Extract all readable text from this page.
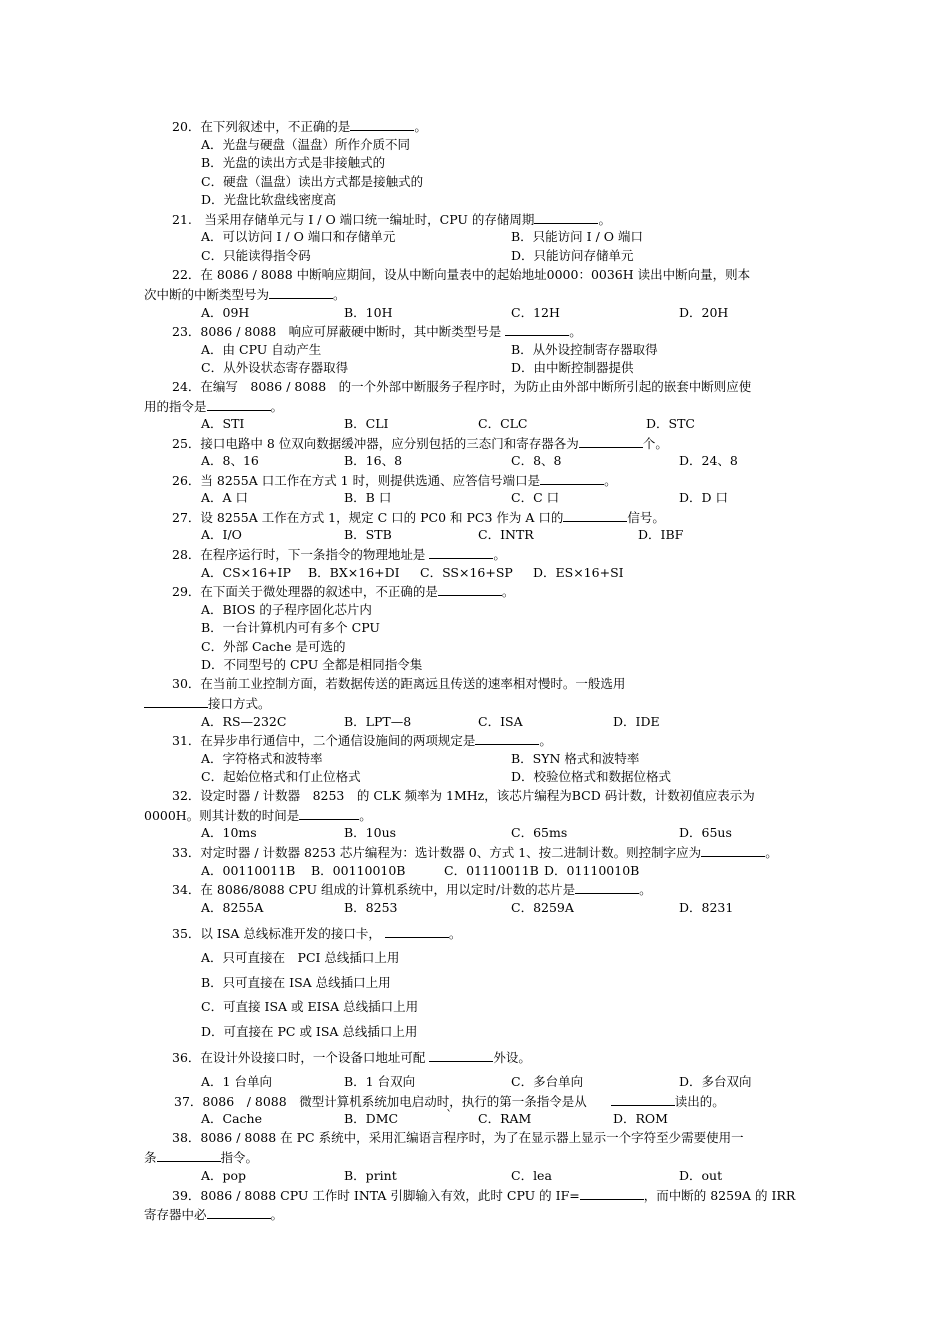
20．在下列叙述中，不正确的是	。
A．光盘与硬盘（温盘）所作介质不同
B．光盘的读出方式是非接触式的
C．硬盘（温盘）读出方式都是接触式的
D．光盘比软盘线密度高
21.　当采用存储单元与 I / O 端口统一编址时，CPU 的存储周期	。
A．可以访问 I / O 端口和存储单元	B．只能访问 I / O 端口
C．只能读得指令码	D．只能访问存储单元
22．在 8086 / 8088 中断响应期间，设从中断向量表中的起始地址0000：0036H 读出中断向量，则本
次中断的中断类型号为	。
A．09H	B．10H	C．12H	D．20H
23．8086 / 8088　响应可屏蔽硬中断时，其中断类型号是	。
A．由 CPU 自动产生	B．从外设控制寄存器取得
C．从外设状态寄存器取得	D．由中断控制器提供
24．在编写　8086 / 8088　的一个外部中断服务子程序时，为防止由外部中断所引起的嵌套中断则应使
用的指令是	。
A．STI	B．CLI	C．CLC	D．STC
25．接口电路中 8 位双向数据缓冲器，应分别包括的三态门和寄存器各为	个。
A．8、16	B．16、8	C．8、8	D．24、8
26．当 8255A 口工作在方式 1 时，则提供选通、应答信号端口是	。
A．A 口	B．B 口	C．C 口	D．D 口
27．设 8255A 工作在方式 1，规定 C 口的 PC0 和 PC3 作为 A 口的	信号。
A．I/O	B．STB	C．INTR	D．IBF
28．在程序运行时，下一条指令的物理地址是	。
A．CS×16+IP B．BX×16+DI C．SS×16+SP D．ES×16+SI
29．在下面关于微处理器的叙述中，不正确的是	。
A．BIOS 的子程序固化芯片内
B．一台计算机内可有多个 CPU
C．外部 Cache 是可选的
D．不同型号的 CPU 全都是相同指令集
30．在当前工业控制方面，若数据传送的距离远且传送的速率相对慢时。一般选用
接口方式。
A．RS—232C	B．LPT—8	C．ISA	D．IDE
31．在异步串行通信中，二个通信设施间的两项规定是	。
A．字符格式和波特率	B．SYN 格式和波特率
C．起始位格式和仃止位格式	D．校验位格式和数据位格式
32．设定时器 / 计数器　8253　的 CLK 频率为 1MHz，该芯片编程为BCD 码计数，计数初值应表示为
0000H。则其计数的时间是	。
A．10ms	B．10us	C．65ms	D．65us
33．对定时器 / 计数器 8253 芯片编程为：选计数器 0、方式 1、按二进制计数。则控制字应为	。
A．00110011B B．00110010B	C．01110011B D．01110010B
34．在 8086/8088 CPU 组成的计算机系统中，用以定时/计数的芯片是	。
A．8255A	B．8253	C．8259A	D．8231
35．以 ISA 总线标准开发的接口卡，	。
A．只可直接在　PCI 总线插口上用
B．只可直接在 ISA 总线插口上用
C．可直接 ISA 或 EISA 总线插口上用
D．可直接在 PC 或 ISA 总线插口上用
36．在设计外设接口时，一个设备口地址可配	外设。
A．1 台单向	B．1 台双向	C．多台单向	D．多台双向
37．8086　/ 8088　微型计算机系统加电启动时，执行的第一条指令是从	读出的。
A．Cache	B．DMC	` C．RAM	D．ROM
38．8086 / 8088 在 PC 系统中，采用汇编语言程序时，为了在显示器上显示一个字符至少需要使用一
条	指令。
A．pop	B．print	C．lea	D．out
39．8086 / 8088 CPU 工作时 INTA 引脚输入有效，此时 CPU 的 IF=	，而中断的 8259A 的 IRR
寄存器中必	。
